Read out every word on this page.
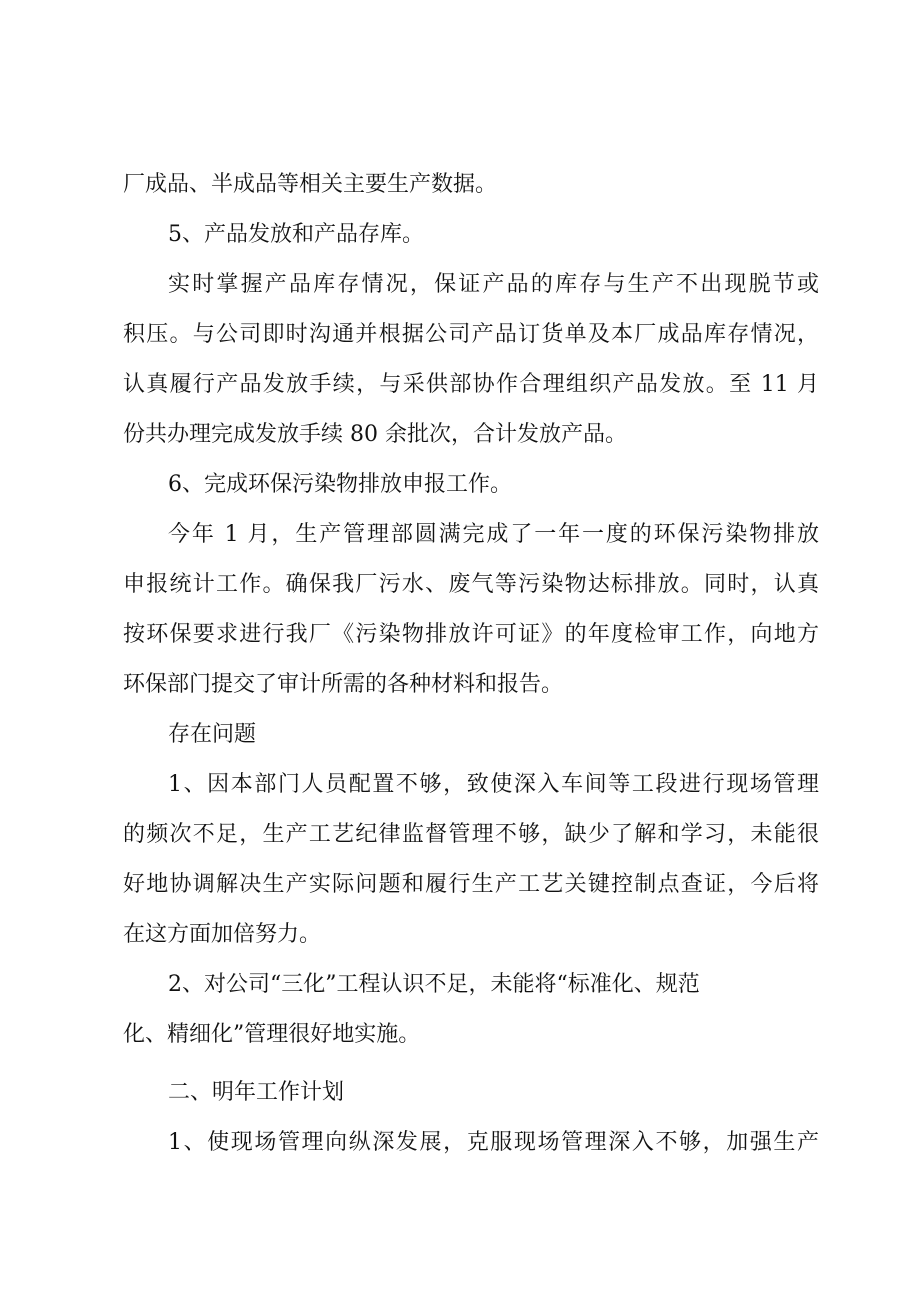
厂成品、半成品等相关主要生产数据。
5、产品发放和产品存库。
实时掌握产品库存情况，保证产品的库存与生产不出现脱节或
积压。与公司即时沟通并根据公司产品订货单及本厂成品库存情况，
认真履行产品发放手续，与采供部协作合理组织产品发放。至 11 月
份共办理完成发放手续 80 余批次，合计发放产品。
6、完成环保污染物排放申报工作。
今年 1 月，生产管理部圆满完成了一年一度的环保污染物排放
申报统计工作。确保我厂污水、废气等污染物达标排放。同时，认真
按环保要求进行我厂《污染物排放许可证》的年度检审工作，向地方
环保部门提交了审计所需的各种材料和报告。
存在问题
1、因本部门人员配置不够，致使深入车间等工段进行现场管理
的频次不足，生产工艺纪律监督管理不够，缺少了解和学习，未能很
好地协调解决生产实际问题和履行生产工艺关键控制点查证，今后将
在这方面加倍努力。
2、对公司“三化”工程认识不足，未能将“标准化、规范
化、精细化”管理很好地实施。
二、明年工作计划
1、使现场管理向纵深发展，克服现场管理深入不够，加强生产
